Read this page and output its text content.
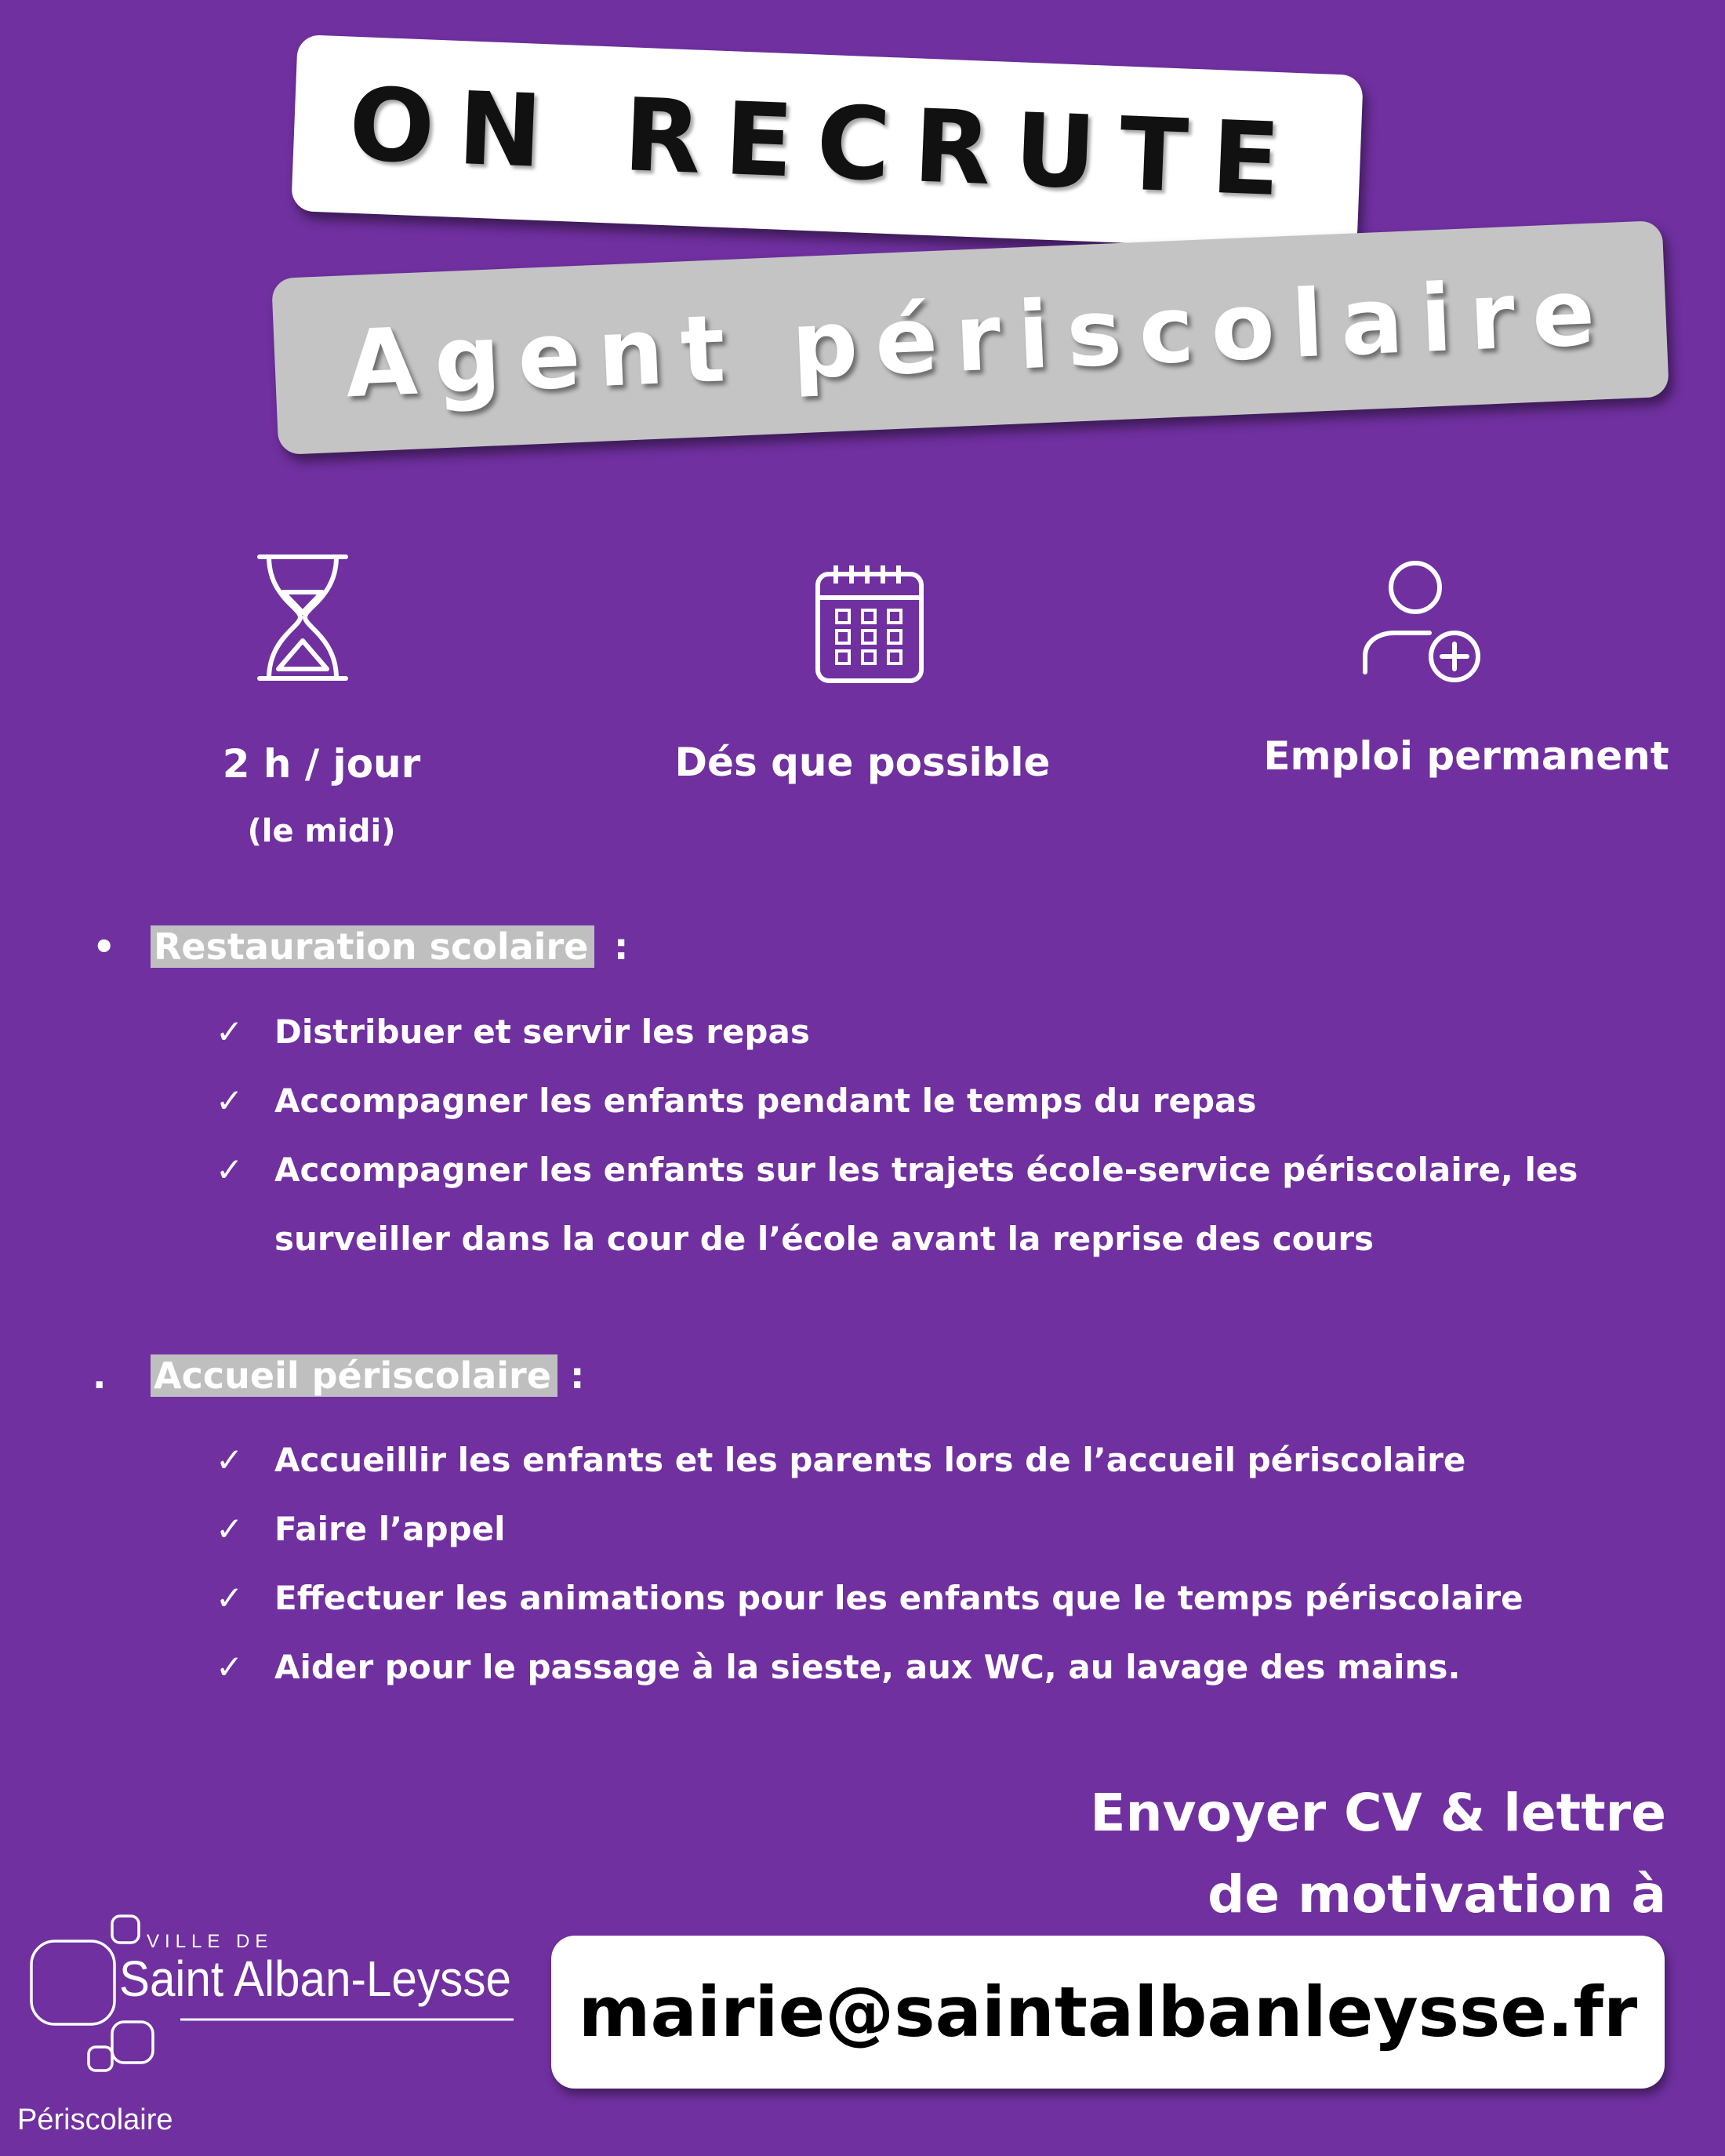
ON RECRUTE
Agent périscolaire
2 h / jour
(le midi)
Dés que possible	Emploi permanent
• Restauration scolaire :
✓ Distribuer et servir les repas
✓ Accompagner les enfants pendant le temps du repas
✓ Accompagner les enfants sur les trajets école-service périscolaire, les surveiller dans la cour de l’école avant la reprise des cours
. Accueil périscolaire :
✓ Accueillir les enfants et les parents lors de l’accueil périscolaire
✓ Faire l’appel
✓ Effectuer les animations pour les enfants que le temps périscolaire
✓ Aider pour le passage à la sieste, aux WC, au lavage des mains.
Envoyer CV & lettre
de motivation à
mairie@saintalbanleysse.fr
VILLE DE
Saint Alban-Leysse
Périscolaire
